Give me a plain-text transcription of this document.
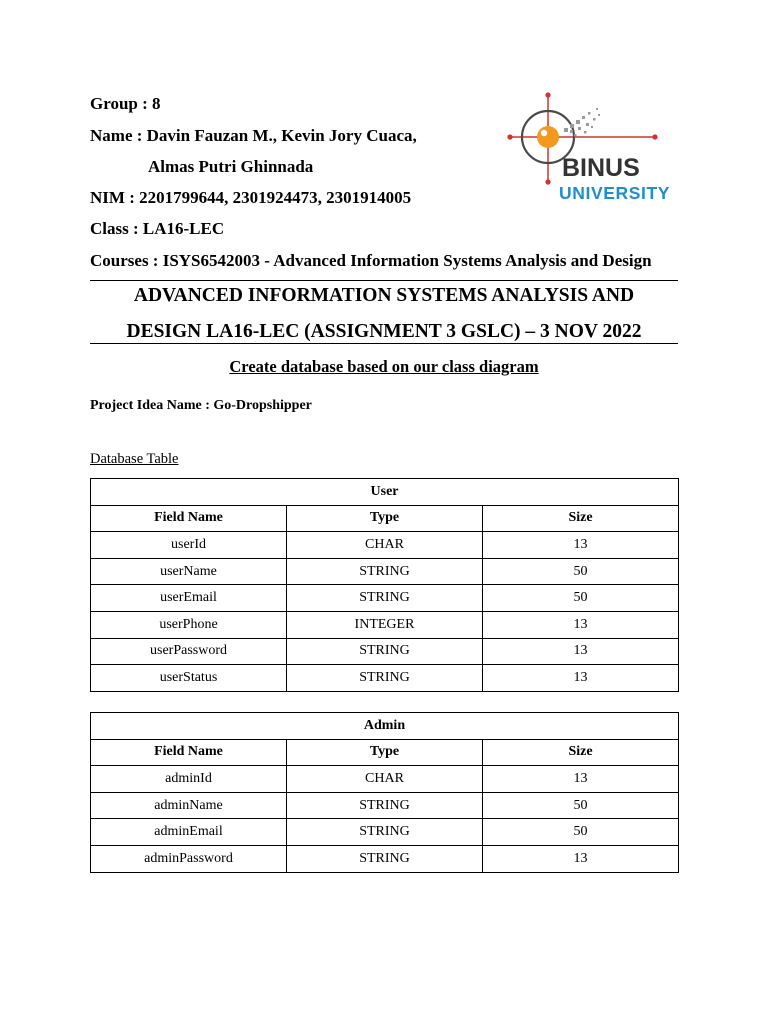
Group : 8
Name : Davin Fauzan M., Kevin Jory Cuaca,
Almas Putri Ghinnada
NIM : 2201799644, 2301924473, 2301914005
Class : LA16-LEC
Courses : ISYS6542003 - Advanced Information Systems Analysis and Design
BINUS
UNIVERSITY
ADVANCED INFORMATION SYSTEMS ANALYSIS AND
DESIGN LA16-LEC (ASSIGNMENT 3 GSLC) – 3 NOV 2022
Create database based on our class diagram
Project Idea Name : Go-Dropshipper
Database Table
User		
Field Name	Type	Size
userId	CHAR	13
userName	STRING	50
userEmail	STRING	50
userPhone	INTEGER	13
userPassword	STRING	13
userStatus	STRING	13
Admin		
Field Name	Type	Size
adminId	CHAR	13
adminName	STRING	50
adminEmail	STRING	50
adminPassword	STRING	13
